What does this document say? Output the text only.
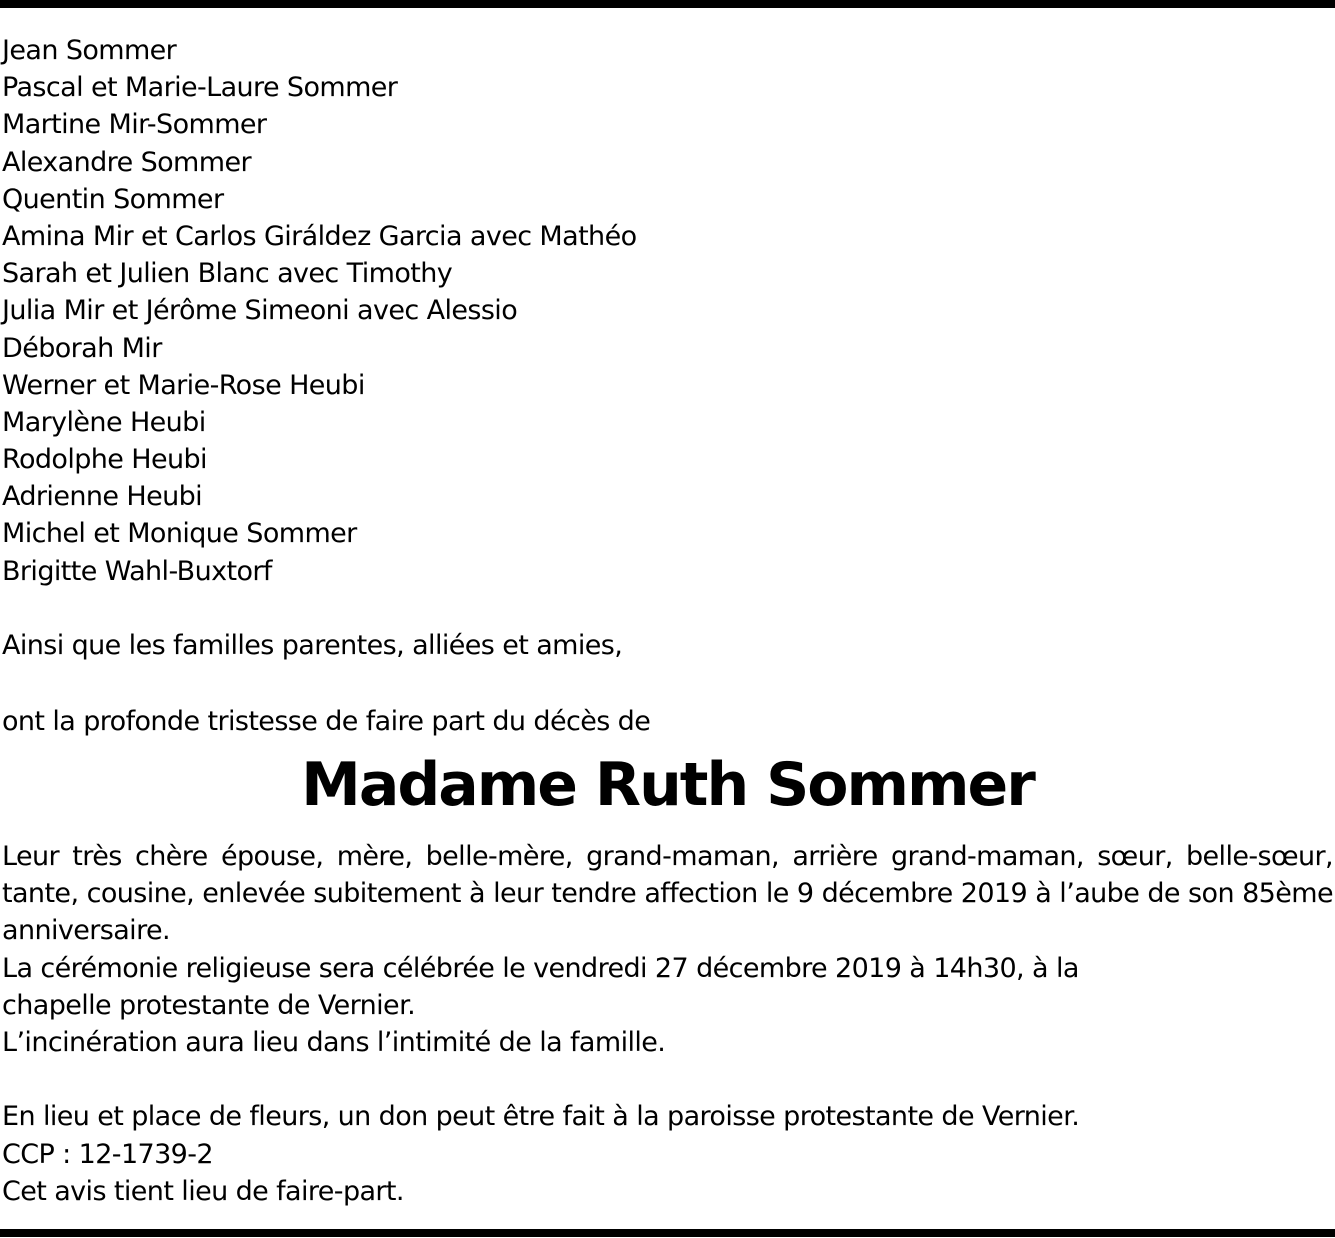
Jean Sommer
Pascal et Marie-Laure Sommer
Martine Mir-Sommer
Alexandre Sommer
Quentin Sommer
Amina Mir et Carlos Giráldez Garcia avec Mathéo
Sarah et Julien Blanc avec Timothy
Julia Mir et Jérôme Simeoni avec Alessio
Déborah Mir
Werner et Marie-Rose Heubi
Marylène Heubi
Rodolphe Heubi
Adrienne Heubi
Michel et Monique Sommer
Brigitte Wahl-Buxtorf
Ainsi que les familles parentes, alliées et amies,
ont la profonde tristesse de faire part du décès de
Madame Ruth Sommer
Leur très chère épouse, mère, belle-mère, grand-maman, arrière grand-maman, sœur, belle-sœur, tante, cousine, enlevée subitement à leur tendre affection le 9 décembre 2019 à l’aube de son 85ème anniversaire.
La cérémonie religieuse sera célébrée le vendredi 27 décembre 2019 à 14h30, à la
chapelle protestante de Vernier.
L’incinération aura lieu dans l’intimité de la famille.
En lieu et place de fleurs, un don peut être fait à la paroisse protestante de Vernier.
CCP : 12-1739-2
Cet avis tient lieu de faire-part.
